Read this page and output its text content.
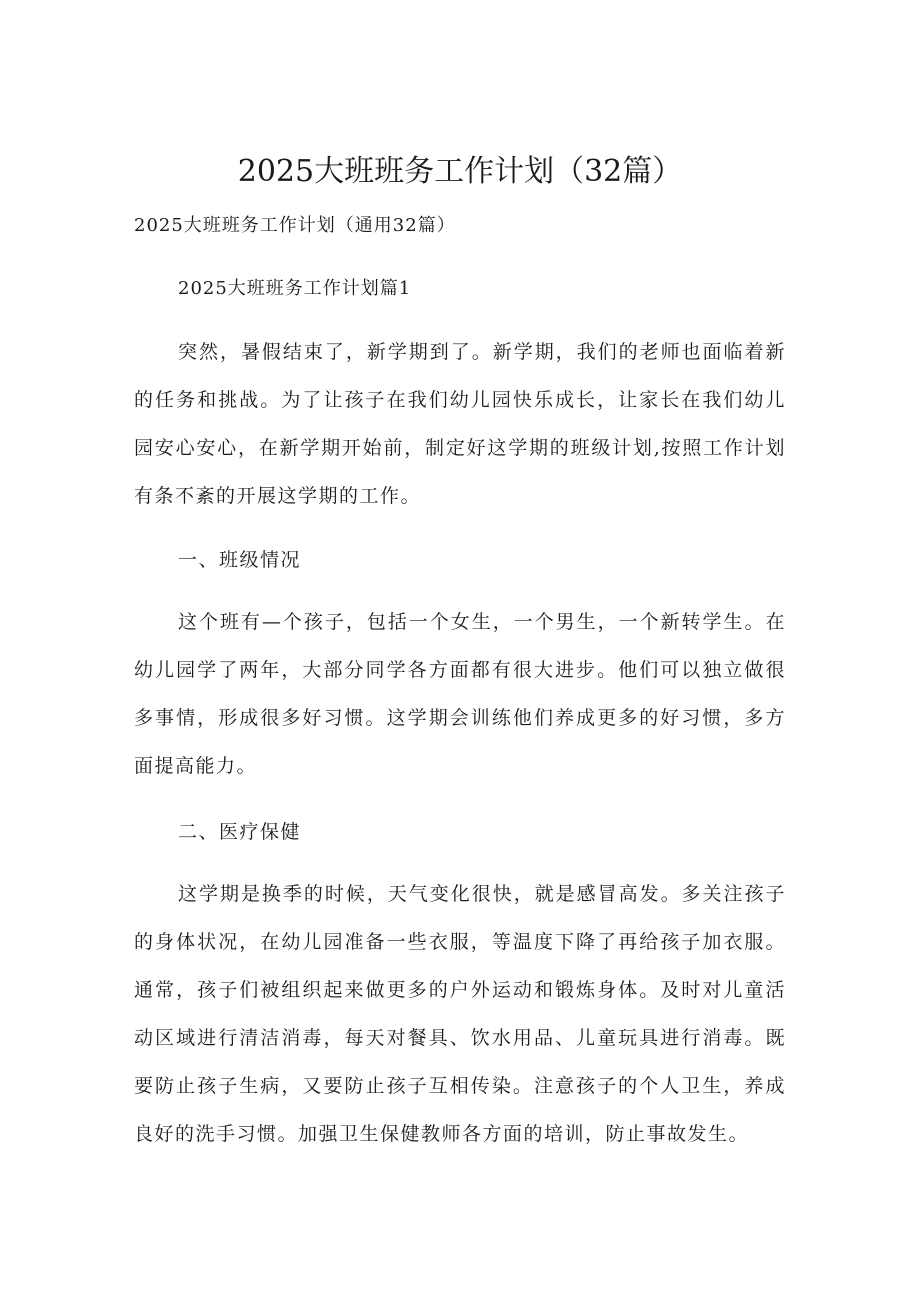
2025大班班务工作计划（32篇）
2025大班班务工作计划（通用32篇）
2025大班班务工作计划篇1

突然，暑假结束了，新学期到了。新学期，我们的老师也面临着新的任务和挑战。为了让孩子在我们幼儿园快乐成长，让家长在我们幼儿园安心安心，在新学期开始前，制定好这学期的班级计划,按照工作计划有条不紊的开展这学期的工作。

一、班级情况

这个班有—个孩子，包括一个女生，一个男生，一个新转学生。在幼儿园学了两年，大部分同学各方面都有很大进步。他们可以独立做很多事情，形成很多好习惯。这学期会训练他们养成更多的好习惯，多方面提高能力。

二、医疗保健

这学期是换季的时候，天气变化很快，就是感冒高发。多关注孩子的身体状况，在幼儿园准备一些衣服，等温度下降了再给孩子加衣服。通常，孩子们被组织起来做更多的户外运动和锻炼身体。及时对儿童活动区域进行清洁消毒，每天对餐具、饮水用品、儿童玩具进行消毒。既要防止孩子生病，又要防止孩子互相传染。注意孩子的个人卫生，养成良好的洗手习惯。加强卫生保健教师各方面的培训，防止事故发生。
